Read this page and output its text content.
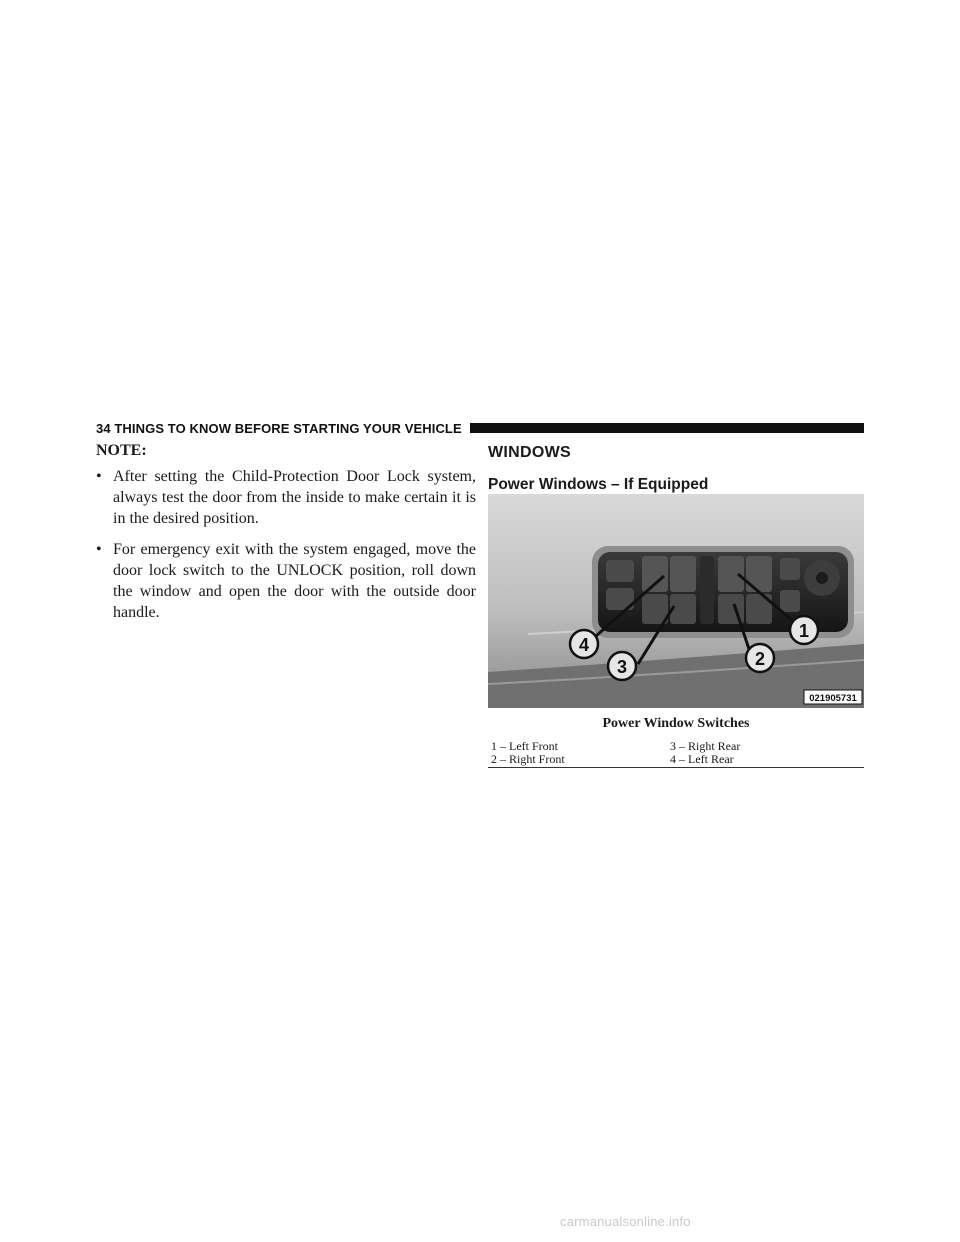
34 THINGS TO KNOW BEFORE STARTING YOUR VEHICLE
NOTE:
• After setting the Child-Protection Door Lock system, always test the door from the inside to make certain it is in the desired position.
• For emergency exit with the system engaged, move the door lock switch to the UNLOCK position, roll down the window and open the door with the outside door handle.
WINDOWS
Power Windows – If Equipped
4
3	2
1
021905731
Power Window Switches
1 – Left Front	3 – Right Rear
2 – Right Front	4 – Left Rear
carmanualsonline.info
